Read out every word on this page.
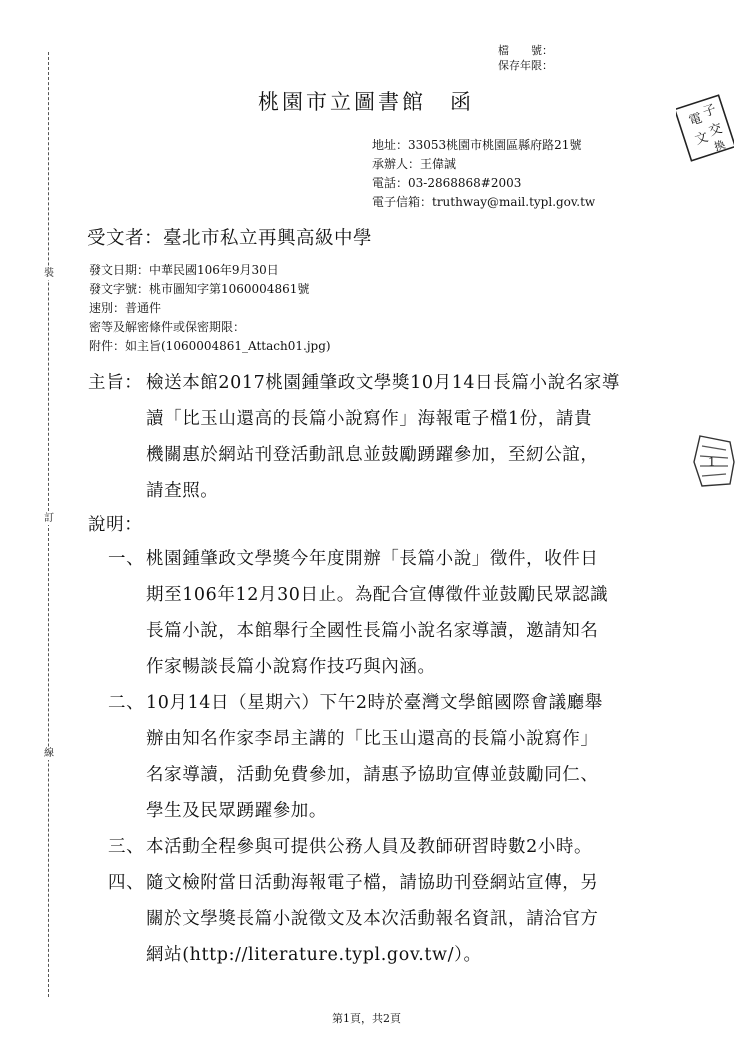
裝
訂
線
檔　　號：
保存年限：
桃園市立圖書館　函
電
子
文
交
換
地址：33053桃園市桃園區縣府路21號
承辦人：王偉誠
電話：03-2868868#2003
電子信箱：truthway@mail.typl.gov.tw
受文者：臺北市私立再興高級中學
發文日期：中華民國106年9月30日
發文字號：桃市圖知字第1060004861號
速別：普通件
密等及解密條件或保密期限：
附件：如主旨(1060004861_Attach01.jpg)
主旨： 檢送本館2017桃園鍾肇政文學獎10月14日長篇小說名家導
讀「比玉山還高的長篇小說寫作」海報電子檔1份，請貴
機關惠於網站刊登活動訊息並鼓勵踴躍參加，至紉公誼，
請查照。
1
說明：
一、 桃園鍾肇政文學獎今年度開辦「長篇小說」徵件，收件日
期至106年12月30日止。為配合宣傳徵件並鼓勵民眾認識
長篇小說，本館舉行全國性長篇小說名家導讀，邀請知名
作家暢談長篇小說寫作技巧與內涵。
二、 10月14日（星期六）下午2時於臺灣文學館國際會議廳舉
辦由知名作家李昂主講的「比玉山還高的長篇小說寫作」
名家導讀，活動免費參加，請惠予協助宣傳並鼓勵同仁、
學生及民眾踴躍參加。
三、 本活動全程參與可提供公務人員及教師研習時數2小時。
四、 隨文檢附當日活動海報電子檔，請協助刊登網站宣傳，另
關於文學獎長篇小說徵文及本次活動報名資訊，請洽官方
網站(http://literature.typl.gov.tw/）。
第1頁，共2頁
